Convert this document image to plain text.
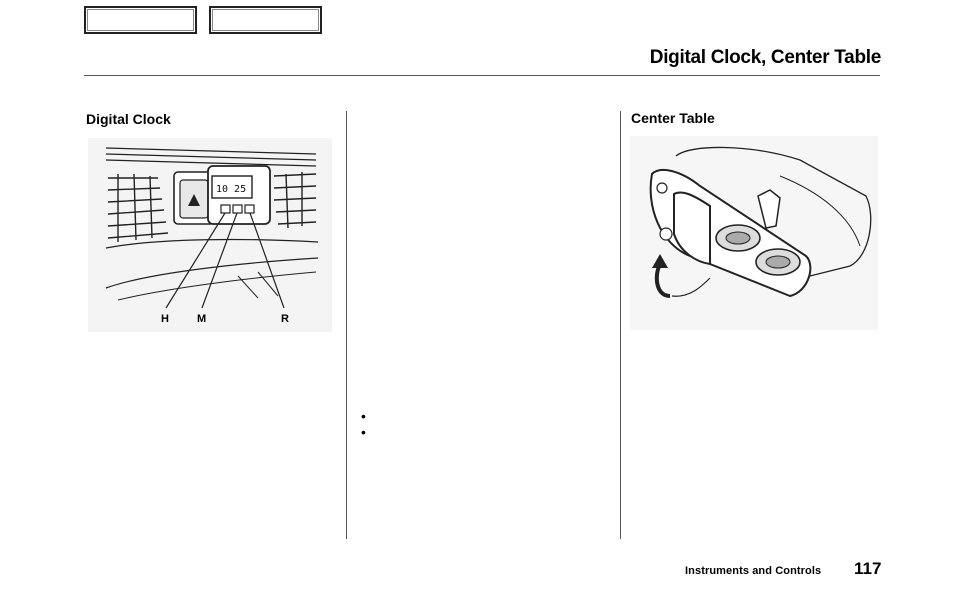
Digital Clock, Center Table
Digital Clock	Center Table
10 25
H	M	R
•
•
Instruments and Controls 117
